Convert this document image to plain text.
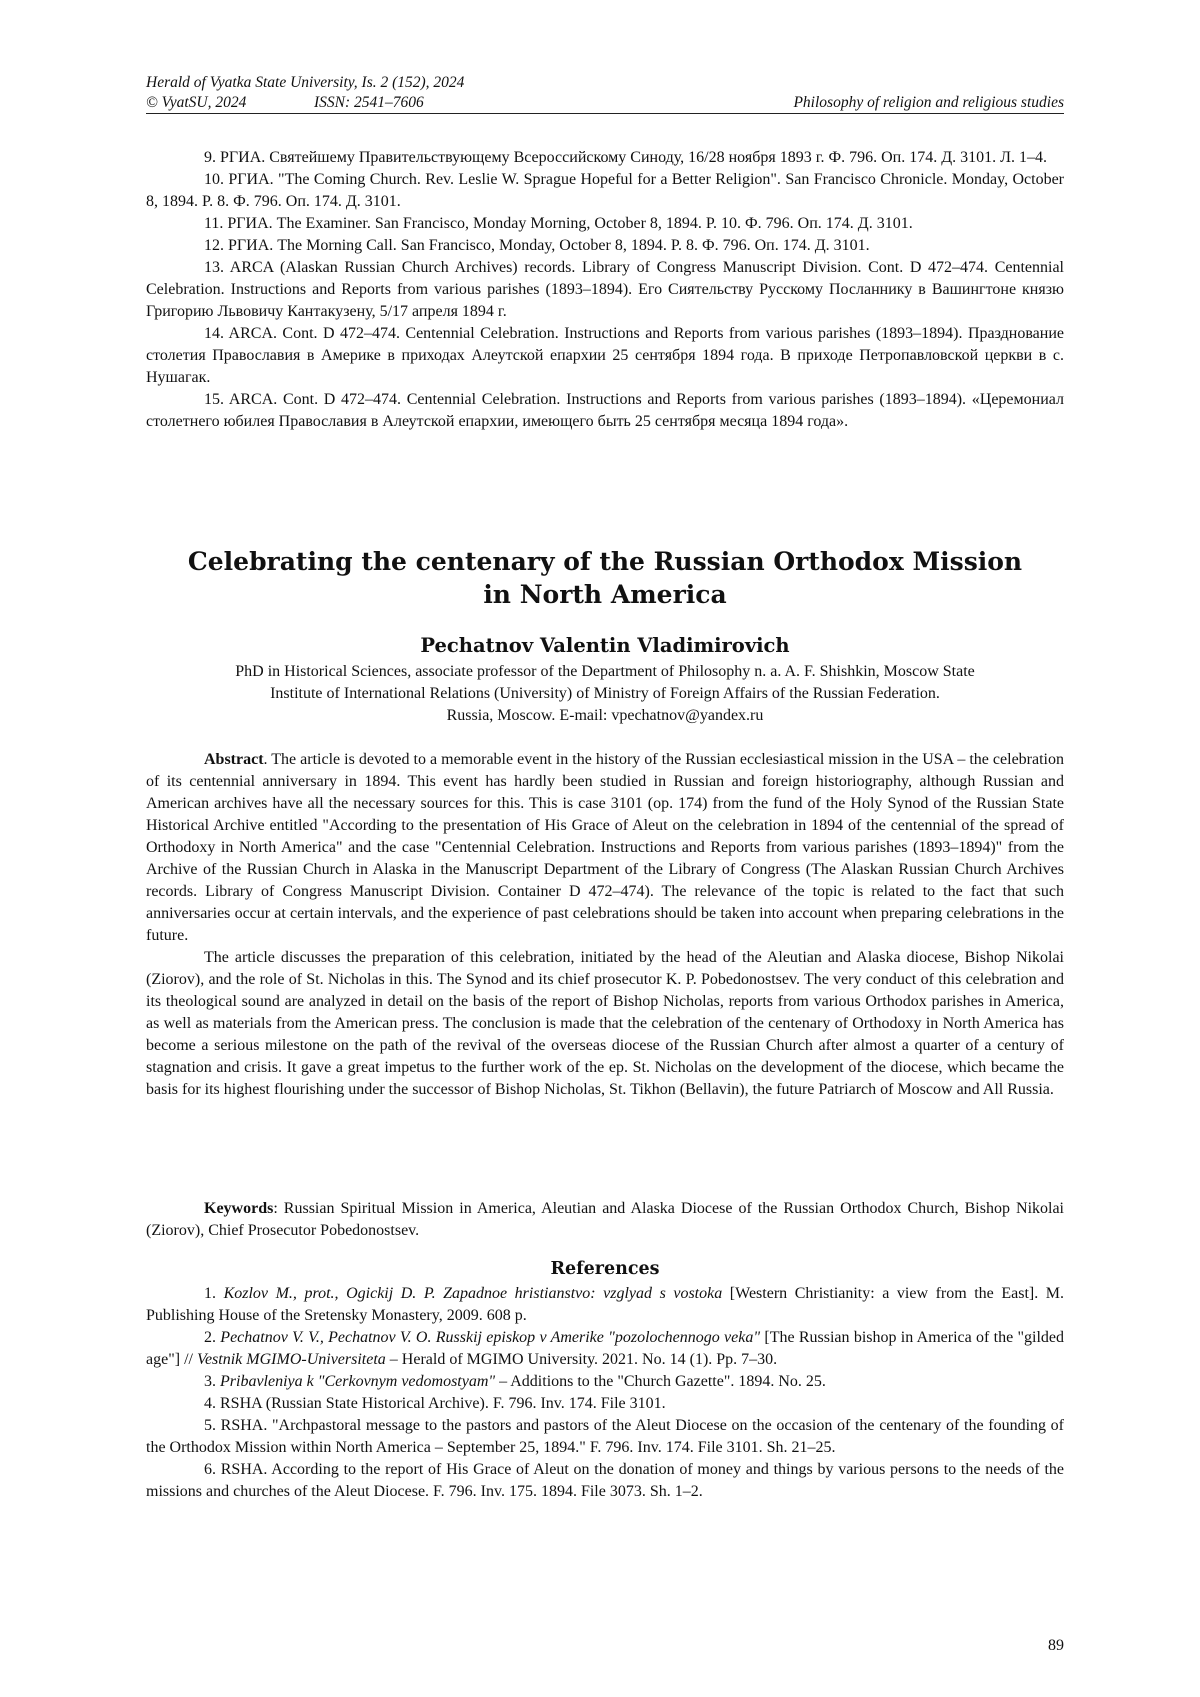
Herald of Vyatka State University, Is. 2 (152), 2024
© VyatSU, 2024	ISSN: 2541–7606	Philosophy of religion and religious studies

9. РГИА. Святейшему Правительствующему Всероссийскому Синоду, 16/28 ноября 1893 г. Ф. 796. Оп. 174. Д. 3101. Л. 1–4.

10. РГИА. "The Coming Church. Rev. Leslie W. Sprague Hopeful for a Better Religion". San Francisco Chronicle. Monday, October 8, 1894. P. 8. Ф. 796. Оп. 174. Д. 3101.

11. РГИА. The Examiner. San Francisco, Monday Morning, October 8, 1894. P. 10. Ф. 796. Оп. 174. Д. 3101.

12. РГИА. The Morning Call. San Francisco, Monday, October 8, 1894. P. 8. Ф. 796. Оп. 174. Д. 3101.

13. ARCA (Alaskan Russian Church Archives) records. Library of Congress Manuscript Division. Cont. D 472–474. Centennial Celebration. Instructions and Reports from various parishes (1893–1894). Его Сиятельству Русскому Посланнику в Вашингтоне князю Григорию Львовичу Кантакузену, 5/17 апреля 1894 г.

14. ARCA. Cont. D 472–474. Centennial Celebration. Instructions and Reports from various parishes (1893–1894). Празднование столетия Православия в Америке в приходах Алеутской епархии 25 сентября 1894 года. В приходе Петропавловской церкви в с. Нушагак.

15. ARCA. Cont. D 472–474. Centennial Celebration. Instructions and Reports from various parishes (1893–1894). «Церемониал столетнего юбилея Православия в Алеутской епархии, имеющего быть 25 сентября месяца 1894 года».

Celebrating the centenary of the Russian Orthodox Mission
in North America
Pechatnov Valentin Vladimirovich
PhD in Historical Sciences, associate professor of the Department of Philosophy n. a. A. F. Shishkin, Moscow State
Institute of International Relations (University) of Ministry of Foreign Affairs of the Russian Federation.
Russia, Moscow. E-mail: vpechatnov@yandex.ru

Abstract. The article is devoted to a memorable event in the history of the Russian ecclesiastical mission in the USA – the celebration of its centennial anniversary in 1894. This event has hardly been studied in Russian and foreign historiography, although Russian and American archives have all the necessary sources for this. This is case 3101 (op. 174) from the fund of the Holy Synod of the Russian State Historical Archive entitled "According to the presentation of His Grace of Aleut on the celebration in 1894 of the centennial of the spread of Orthodoxy in North America" and the case "Centennial Celebration. Instructions and Reports from various parishes (1893–1894)" from the Archive of the Russian Church in Alaska in the Manuscript Department of the Library of Congress (The Alaskan Russian Church Archives records. Library of Congress Manuscript Division. Container D 472–474). The relevance of the topic is related to the fact that such anniversaries occur at certain intervals, and the experience of past celebrations should be taken into account when preparing celebrations in the future.

The article discusses the preparation of this celebration, initiated by the head of the Aleutian and Alaska diocese, Bishop Nikolai (Ziorov), and the role of St. Nicholas in this. The Synod and its chief prosecutor K. P. Pobedonostsev. The very conduct of this celebration and its theological sound are analyzed in detail on the basis of the report of Bishop Nicholas, reports from various Orthodox parishes in America, as well as materials from the American press. The conclusion is made that the celebration of the centenary of Orthodoxy in North America has become a serious milestone on the path of the revival of the overseas diocese of the Russian Church after almost a quarter of a century of stagnation and crisis. It gave a great impetus to the further work of the ep. St. Nicholas on the development of the diocese, which became the basis for its highest flourishing under the successor of Bishop Nicholas, St. Tikhon (Bellavin), the future Patriarch of Moscow and All Russia.

Keywords: Russian Spiritual Mission in America, Aleutian and Alaska Diocese of the Russian Orthodox Church, Bishop Nikolai (Ziorov), Chief Prosecutor Pobedonostsev.

References

1. Kozlov M., prot., Ogickij D. P. Zapadnoe hristianstvo: vzglyad s vostoka [Western Christianity: a view from the East]. M. Publishing House of the Sretensky Monastery, 2009. 608 p.

2. Pechatnov V. V., Pechatnov V. O. Russkij episkop v Amerike "pozolochennogo veka" [The Russian bishop in America of the "gilded age"] // Vestnik MGIMO-Universiteta – Herald of MGIMO University. 2021. No. 14 (1). Pp. 7–30.

3. Pribavleniya k "Cerkovnym vedomostyam" – Additions to the "Church Gazette". 1894. No. 25.

4. RSHA (Russian State Historical Archive). F. 796. Inv. 174. File 3101.

5. RSHA. "Archpastoral message to the pastors and pastors of the Aleut Diocese on the occasion of the centenary of the founding of the Orthodox Mission within North America – September 25, 1894." F. 796. Inv. 174. File 3101. Sh. 21–25.

6. RSHA. According to the report of His Grace of Aleut on the donation of money and things by various persons to the needs of the missions and churches of the Aleut Diocese. F. 796. Inv. 175. 1894. File 3073. Sh. 1–2.

89
